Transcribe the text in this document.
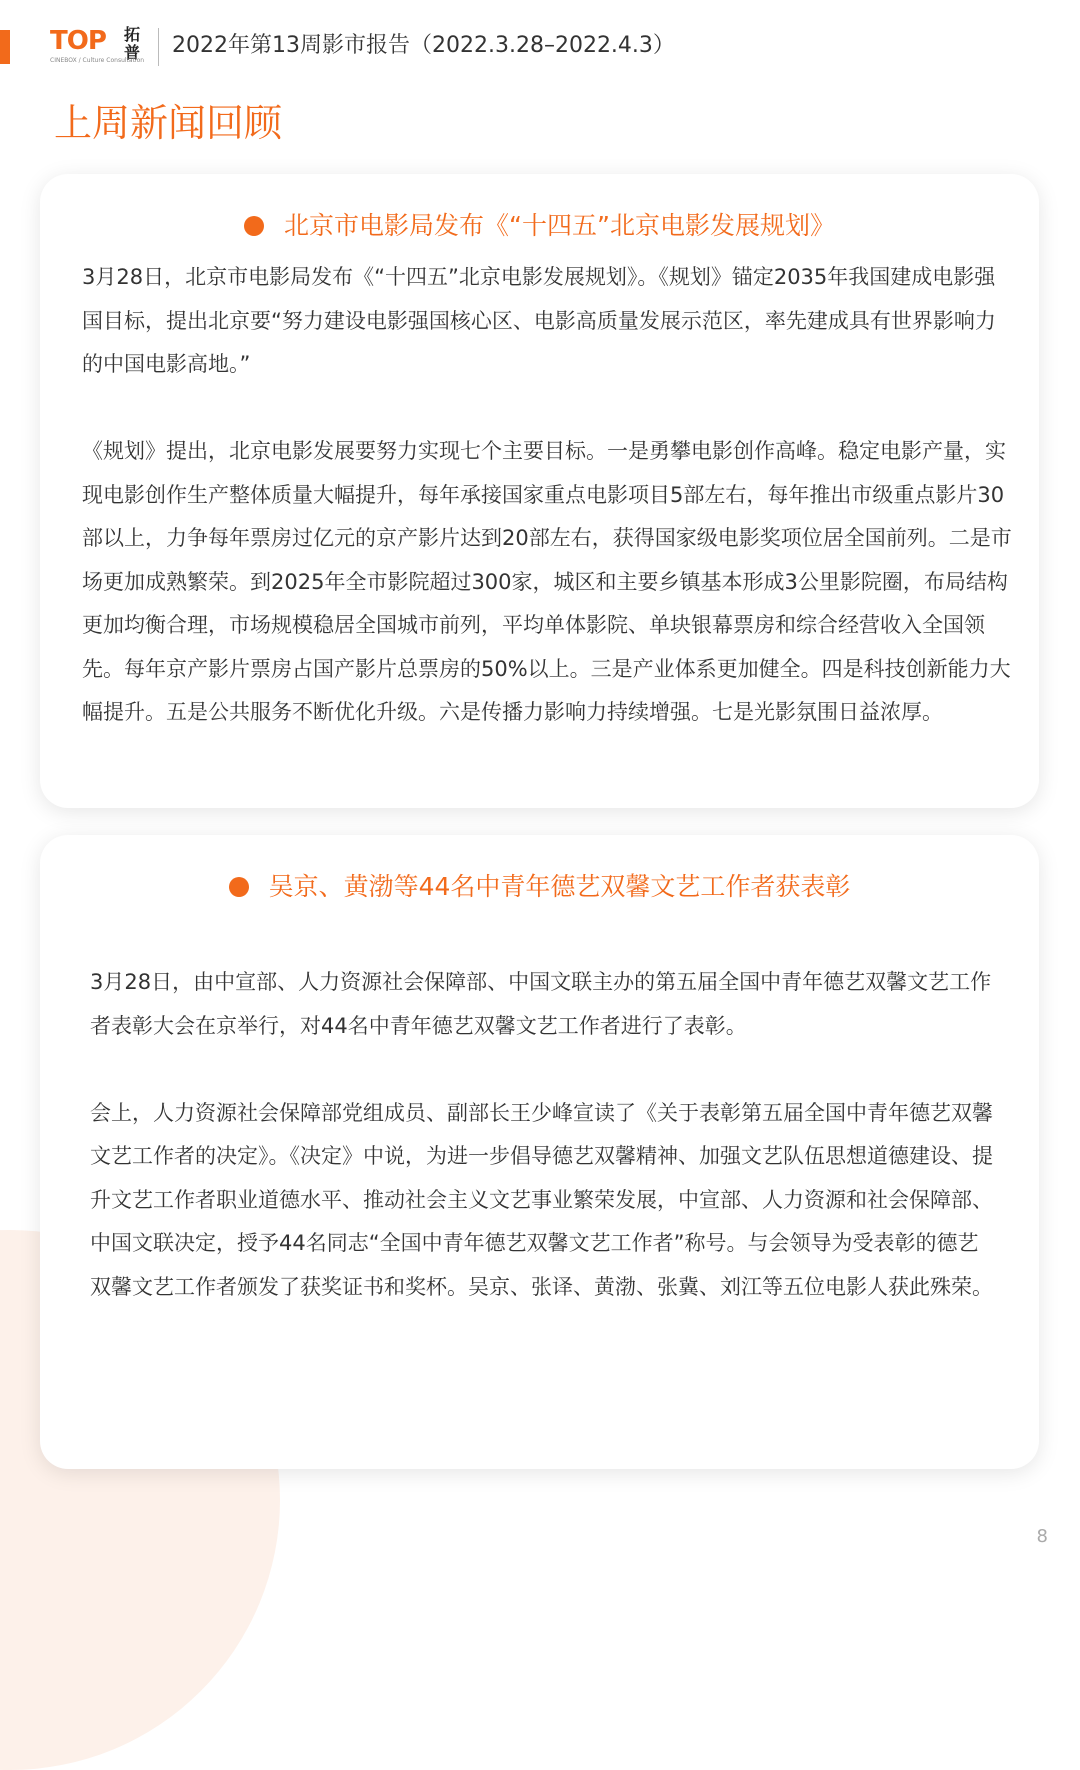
TOP 拓普
CINEBOX / Culture Consultation
2022年第13周影市报告（2022.3.28–2022.4.3）
上周新闻回顾
北京市电影局发布《“十四五”北京电影发展规划》

3月28日，北京市电影局发布《“十四五”北京电影发展规划》。《规划》锚定2035年我国建成电影强国目标，提出北京要“努力建设电影强国核心区、电影高质量发展示范区，率先建成具有世界影响力的中国电影高地。”

《规划》提出，北京电影发展要努力实现七个主要目标。一是勇攀电影创作高峰。稳定电影产量，实现电影创作生产整体质量大幅提升，每年承接国家重点电影项目5部左右，每年推出市级重点影片30部以上，力争每年票房过亿元的京产影片达到20部左右，获得国家级电影奖项位居全国前列。二是市场更加成熟繁荣。到2025年全市影院超过300家，城区和主要乡镇基本形成3公里影院圈，布局结构更加均衡合理，市场规模稳居全国城市前列，平均单体影院、单块银幕票房和综合经营收入全国领先。每年京产影片票房占国产影片总票房的50%以上。三是产业体系更加健全。四是科技创新能力大幅提升。五是公共服务不断优化升级。六是传播力影响力持续增强。七是光影氛围日益浓厚。

吴京、黄渤等44名中青年德艺双馨文艺工作者获表彰

3月28日，由中宣部、人力资源社会保障部、中国文联主办的第五届全国中青年德艺双馨文艺工作者表彰大会在京举行，对44名中青年德艺双馨文艺工作者进行了表彰。

会上，人力资源社会保障部党组成员、副部长王少峰宣读了《关于表彰第五届全国中青年德艺双馨文艺工作者的决定》。《决定》中说，为进一步倡导德艺双馨精神、加强文艺队伍思想道德建设、提升文艺工作者职业道德水平、推动社会主义文艺事业繁荣发展，中宣部、人力资源和社会保障部、中国文联决定，授予44名同志“全国中青年德艺双馨文艺工作者”称号。与会领导为受表彰的德艺双馨文艺工作者颁发了获奖证书和奖杯。吴京、张译、黄渤、张冀、刘江等五位电影人获此殊荣。

8
